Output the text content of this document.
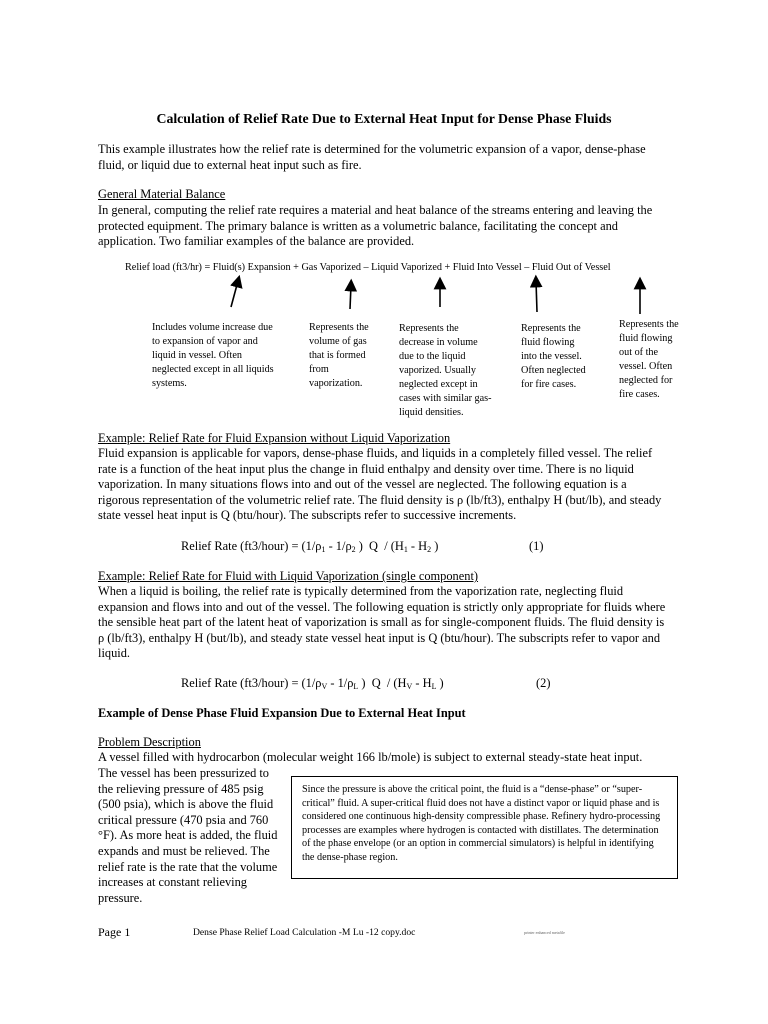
Calculation of Relief Rate Due to External Heat Input for Dense Phase Fluids
This example illustrates how the relief rate is determined for the volumetric expansion of a vapor, dense-phase fluid, or liquid due to external heat input such as fire.
General Material Balance
In general, computing the relief rate requires a material and heat balance of the streams entering and leaving the protected equipment. The primary balance is written as a volumetric balance, facilitating the concept and application. Two familiar examples of the balance are provided.
Relief load (ft3/hr) = Fluid(s) Expansion + Gas Vaporized – Liquid Vaporized + Fluid Into Vessel – Fluid Out of Vessel
Includes volume increase due to expansion of vapor and liquid in vessel. Often neglected except in all liquids systems.
Represents the volume of gas that is formed from vaporization.
Represents the decrease in volume due to the liquid vaporized. Usually neglected except in cases with similar gas-liquid densities.
Represents the fluid flowing into the vessel. Often neglected for fire cases.
Represents the fluid flowing out of the vessel. Often neglected for fire cases.
Example: Relief Rate for Fluid Expansion without Liquid Vaporization
Fluid expansion is applicable for vapors, dense-phase fluids, and liquids in a completely filled vessel. The relief rate is a function of the heat input plus the change in fluid enthalpy and density over time. There is no liquid vaporization. In many situations flows into and out of the vessel are neglected. The following equation is a rigorous representation of the volumetric relief rate. The fluid density is ρ (lb/ft3), enthalpy H (but/lb), and steady state vessel heat input is Q (btu/hour). The subscripts refer to successive increments.
Relief Rate (ft3/hour) = ($1/\rho_1 - 1/\rho_2$ )  Q  / ($H_1 - H_2$ )	(1)
Example: Relief Rate for Fluid with Liquid Vaporization (single component)
When a liquid is boiling, the relief rate is typically determined from the vaporization rate, neglecting fluid expansion and flows into and out of the vessel. The following equation is strictly only appropriate for fluids where the sensible heat part of the latent heat of vaporization is small as for single-component fluids. The fluid density is ρ (lb/ft3), enthalpy H (but/lb), and steady state vessel heat input is Q (btu/hour). The subscripts refer to vapor and liquid.
Relief Rate (ft3/hour) = ($1/\rho_V - 1/\rho_L$ )  Q  / ($H_V - H_L$ )	(2)
Example of Dense Phase Fluid Expansion Due to External Heat Input
Problem Description
A vessel filled with hydrocarbon (molecular weight 166 lb/mole) is subject to external steady-state heat input.
The vessel has been pressurized to the relieving pressure of 485 psig (500 psia), which is above the fluid critical pressure (470 psia and 760 °F). As more heat is added, the fluid expands and must be relieved. The relief rate is the rate that the volume increases at constant relieving pressure.
Since the pressure is above the critical point, the fluid is a “dense-phase” or “super-critical” fluid. A super-critical fluid does not have a distinct vapor or liquid phase and is considered one continuous high-density compressible phase. Refinery hydro-processing processes are examples where hydrogen is contacted with distillates. The determination of the phase envelope (or an option in commercial simulators) is helpful in identifying the dense-phase region.
Page 1	Dense Phase Relief Load Calculation -M Lu -12 copy.doc	printer enhanced metafile
